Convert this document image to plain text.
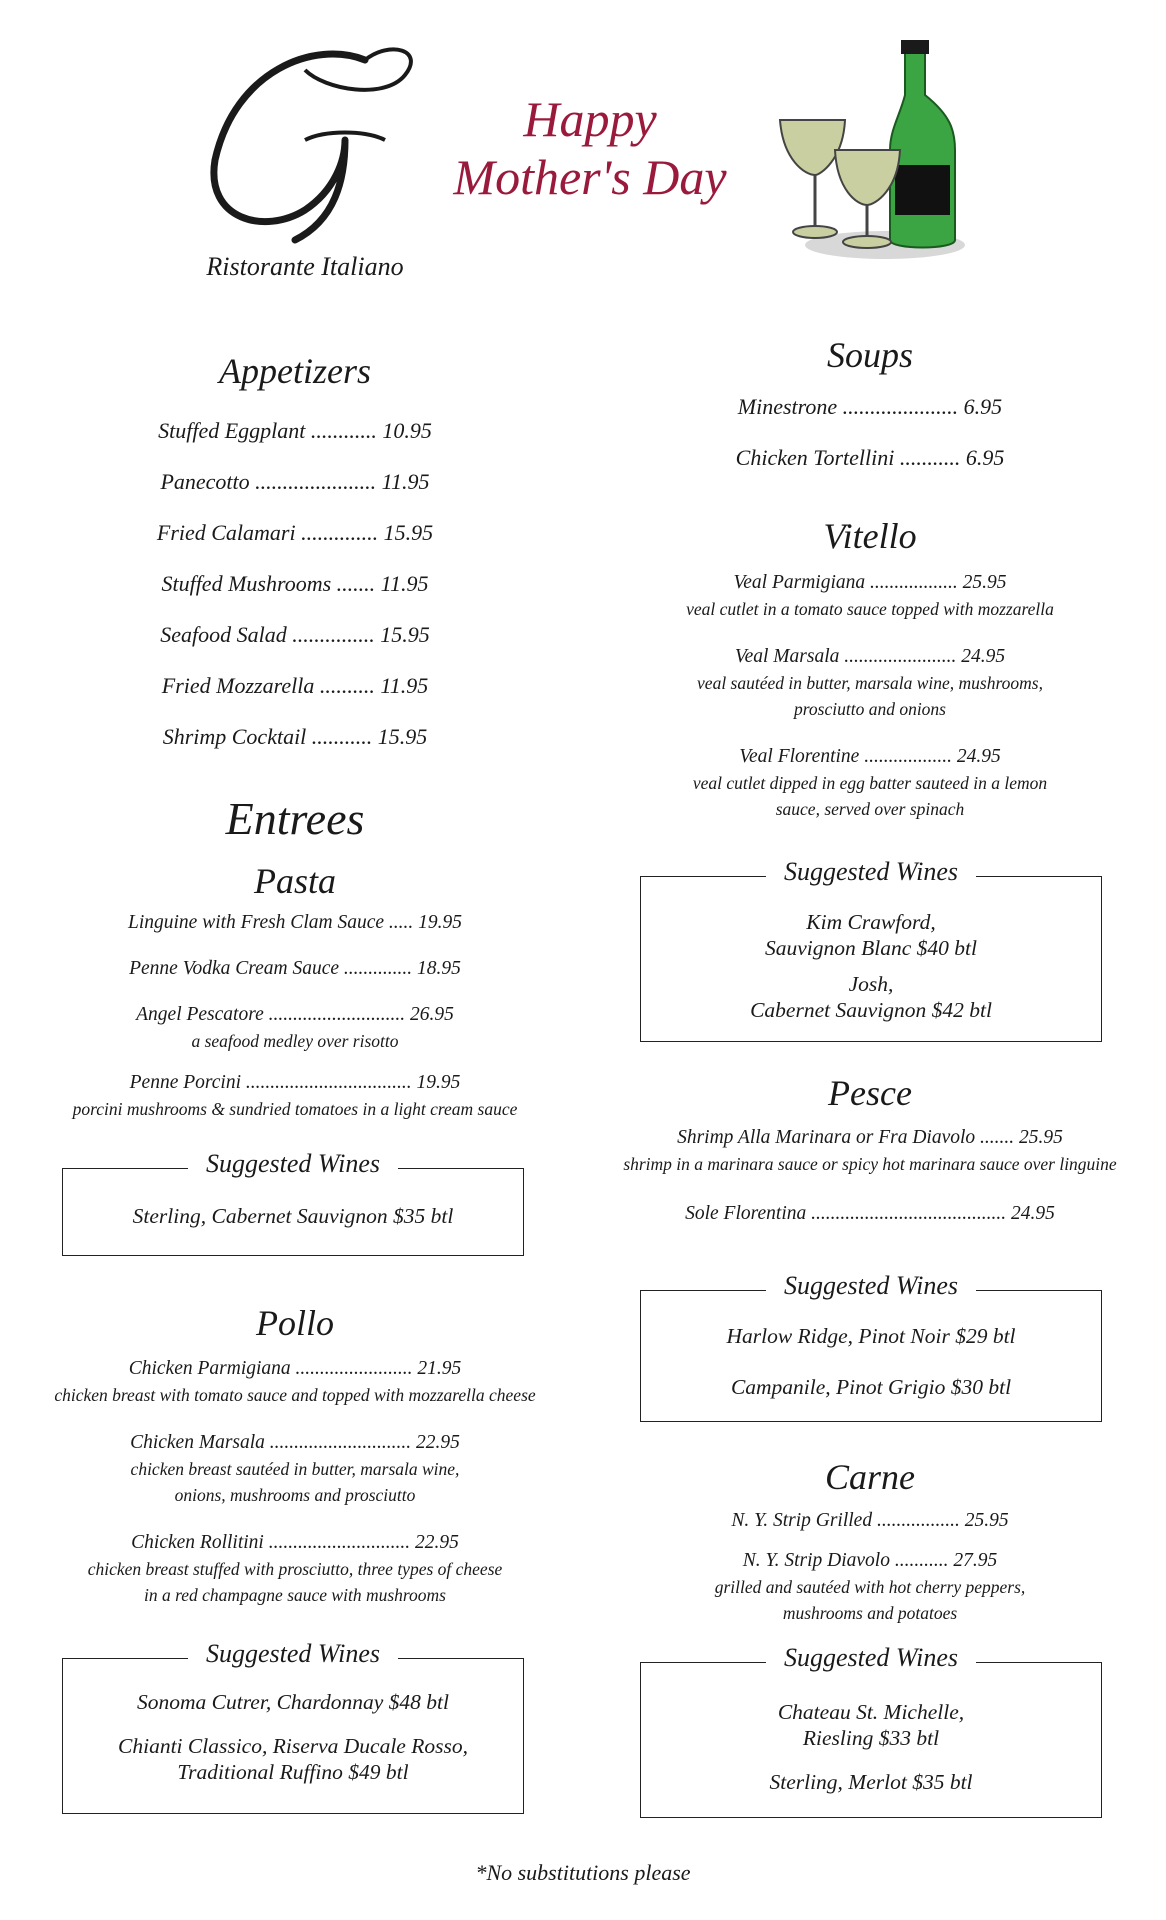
Ristorante Italiano
Happy
Mother's Day
Appetizers
Stuffed Eggplant ............ 10.95
Panecotto ...................... 11.95
Fried Calamari .............. 15.95
Stuffed Mushrooms ....... 11.95
Seafood Salad ............... 15.95
Fried Mozzarella .......... 11.95
Shrimp Cocktail ........... 15.95
Entrees
Pasta
Linguine with Fresh Clam Sauce ..... 19.95
Penne Vodka Cream Sauce .............. 18.95
Angel Pescatore ............................ 26.95
a seafood medley over risotto
Penne Porcini .................................. 19.95
porcini mushrooms & sundried tomatoes in a light cream sauce
Suggested Wines
Sterling, Cabernet Sauvignon $35 btl
Pollo
Chicken Parmigiana ........................ 21.95
chicken breast with tomato sauce and topped with mozzarella cheese
Chicken Marsala ............................. 22.95
chicken breast sautéed in butter, marsala wine,
onions, mushrooms and prosciutto
Chicken Rollitini ............................. 22.95
chicken breast stuffed with prosciutto, three types of cheese
in a red champagne sauce with mushrooms
Suggested Wines
Sonoma Cutrer, Chardonnay $48 btl
Chianti Classico, Riserva Ducale Rosso,
Traditional Ruffino $49 btl
Soups
Minestrone ..................... 6.95
Chicken Tortellini ........... 6.95
Vitello
Veal Parmigiana .................. 25.95
veal cutlet in a tomato sauce topped with mozzarella
Veal Marsala ....................... 24.95
veal sautéed in butter, marsala wine, mushrooms,
prosciutto and onions
Veal Florentine .................. 24.95
veal cutlet dipped in egg batter sauteed in a lemon
sauce, served over spinach
Suggested Wines
Kim Crawford,
Sauvignon Blanc $40 btl
Josh,
Cabernet Sauvignon $42 btl
Pesce
Shrimp Alla Marinara or Fra Diavolo ....... 25.95
shrimp in a marinara sauce or spicy hot marinara sauce over linguine
Sole Florentina ........................................ 24.95
Suggested Wines
Harlow Ridge, Pinot Noir $29 btl
Campanile, Pinot Grigio $30 btl
Carne
N. Y. Strip Grilled ................. 25.95
N. Y. Strip Diavolo ........... 27.95
grilled and sautéed with hot cherry peppers,
mushrooms and potatoes
Suggested Wines
Chateau St. Michelle,
Riesling $33 btl
Sterling, Merlot $35 btl
*No substitutions please
